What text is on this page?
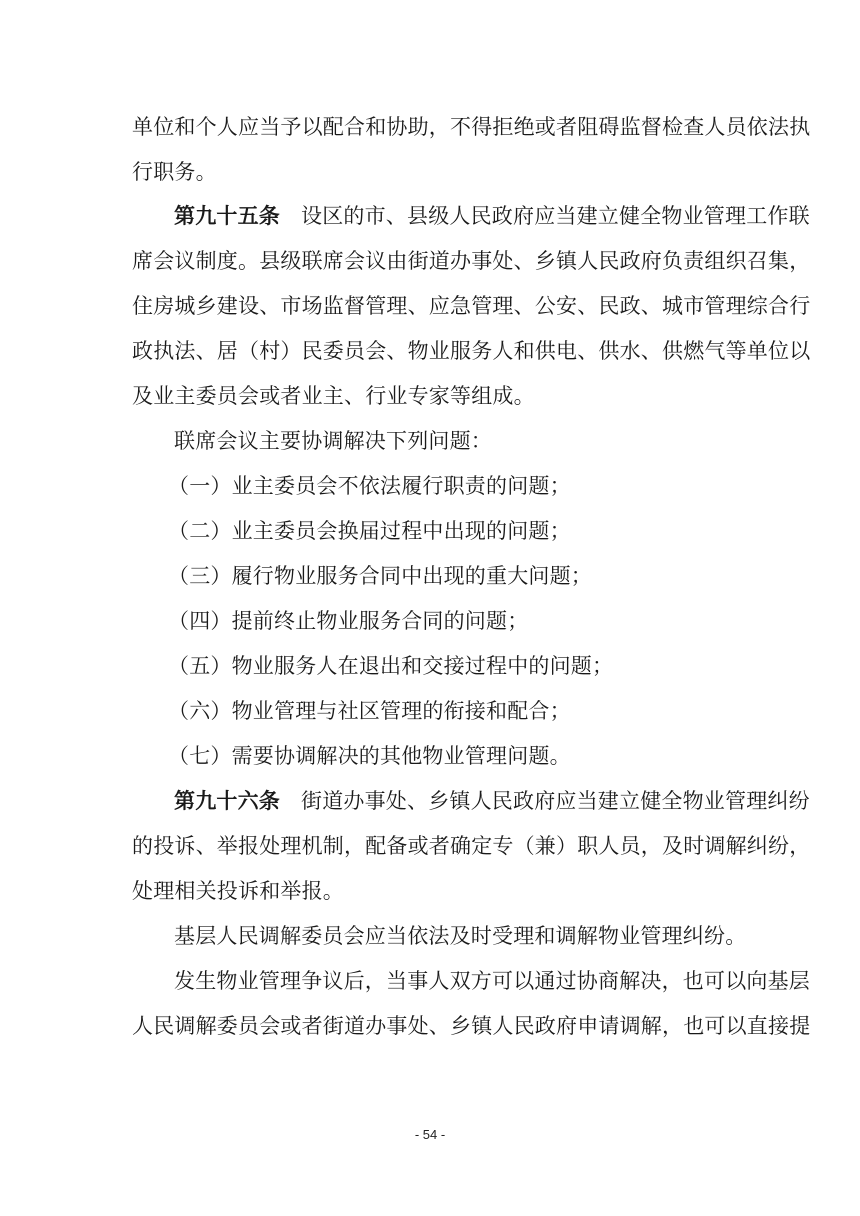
单位和个人应当予以配合和协助，不得拒绝或者阻碍监督检查人员依法执

行职务。

第九十五条 设区的市、县级人民政府应当建立健全物业管理工作联

席会议制度。县级联席会议由街道办事处、乡镇人民政府负责组织召集，

住房城乡建设、市场监督管理、应急管理、公安、民政、城市管理综合行

政执法、居（村）民委员会、物业服务人和供电、供水、供燃气等单位以

及业主委员会或者业主、行业专家等组成。

联席会议主要协调解决下列问题：

（一）业主委员会不依法履行职责的问题；

（二）业主委员会换届过程中出现的问题；

（三）履行物业服务合同中出现的重大问题；

（四）提前终止物业服务合同的问题；

（五）物业服务人在退出和交接过程中的问题；

（六）物业管理与社区管理的衔接和配合；

（七）需要协调解决的其他物业管理问题。

第九十六条 街道办事处、乡镇人民政府应当建立健全物业管理纠纷

的投诉、举报处理机制，配备或者确定专（兼）职人员，及时调解纠纷，

处理相关投诉和举报。

基层人民调解委员会应当依法及时受理和调解物业管理纠纷。

发生物业管理争议后，当事人双方可以通过协商解决，也可以向基层

人民调解委员会或者街道办事处、乡镇人民政府申请调解，也可以直接提

- 54 -
